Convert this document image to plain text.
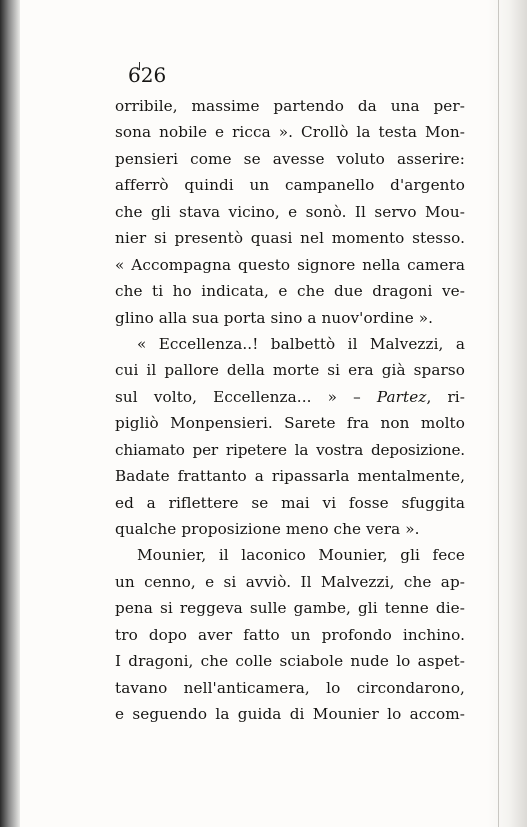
626

orribile, massime partendo da una per-
sona nobile e ricca ». Crollò la testa Mon-
pensieri come se avesse voluto asserire:
afferrò quindi un campanello d'argento
che gli stava vicino, e sonò. Il servo Mou-
nier si presentò quasi nel momento stesso.
« Accompagna questo signore nella camera
che ti ho indicata, e che due dragoni ve-
glino alla sua porta sino a nuov'ordine ».
« Eccellenza..! balbettò il Malvezzi, a
cui il pallore della morte si era già sparso
sul volto, Eccellenza... » – Partez, ri-
pigliò Monpensieri. Sarete fra non molto
chiamato per ripetere la vostra deposizione.
Badate frattanto a ripassarla mentalmente,
ed a riflettere se mai vi fosse sfuggita
qualche proposizione meno che vera ».
Mounier, il laconico Mounier, gli fece
un cenno, e si avviò. Il Malvezzi, che ap-
pena si reggeva sulle gambe, gli tenne die-
tro dopo aver fatto un profondo inchino.
I dragoni, che colle sciabole nude lo aspet-
tavano nell'anticamera, lo circondarono,
e seguendo la guida di Mounier lo accom-
